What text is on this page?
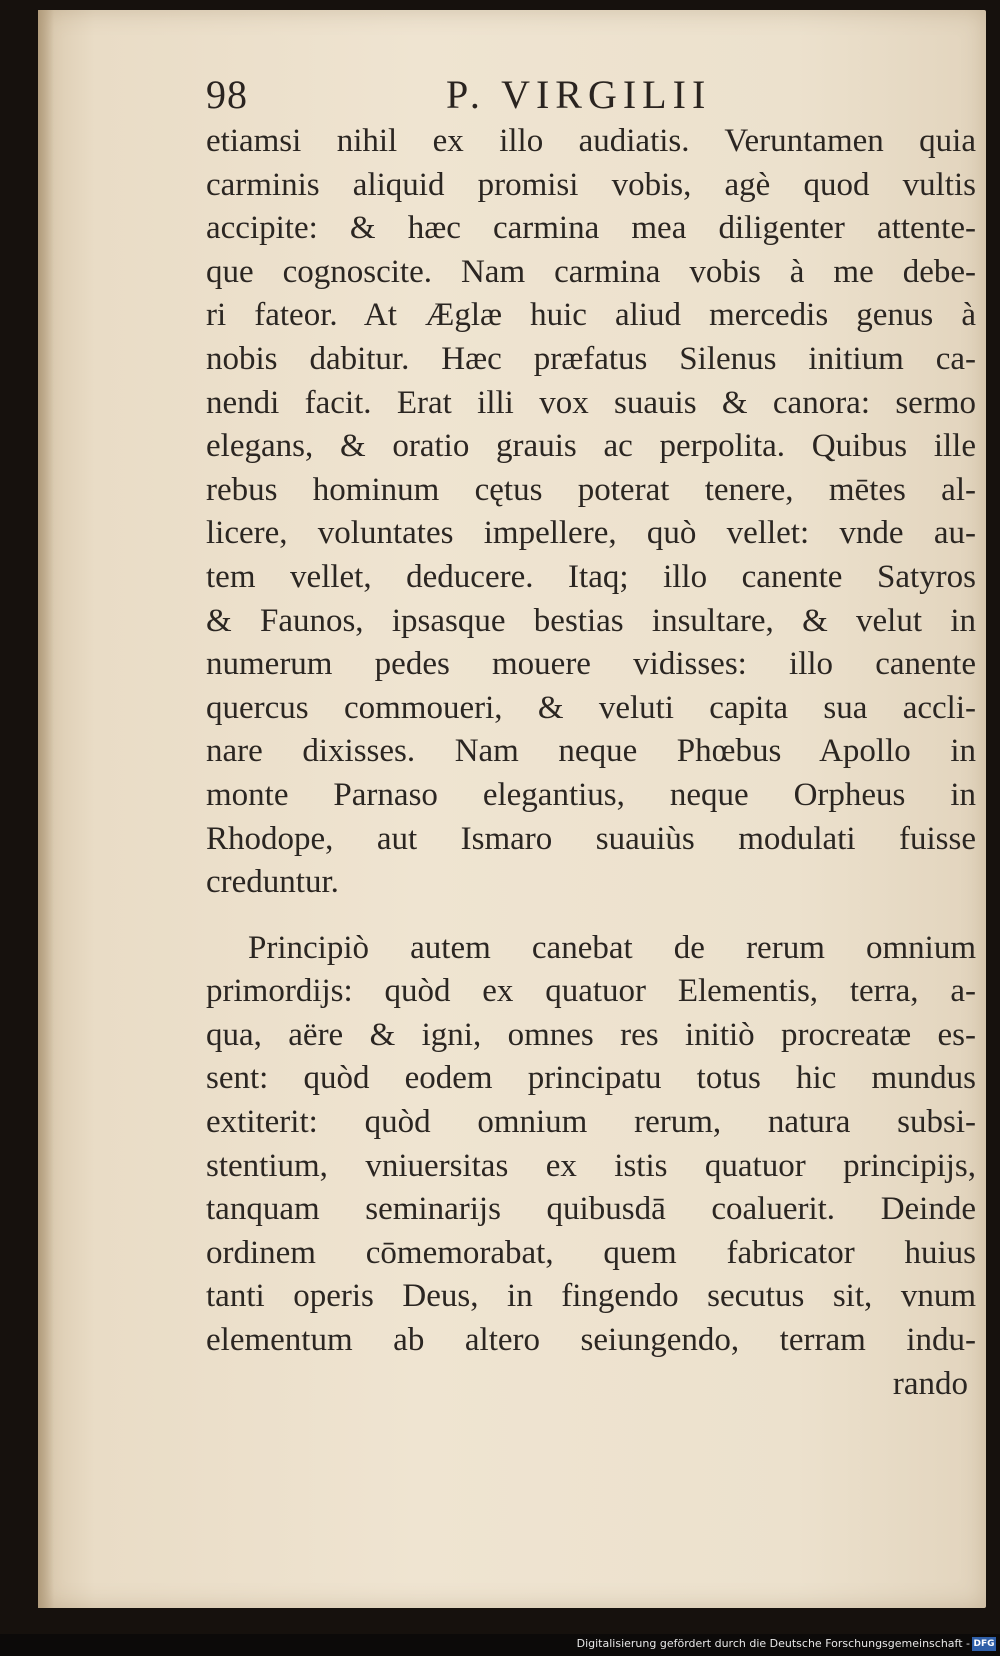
98	P. VIRGILII
etiamsi nihil ex illo audiatis. Veruntamen quia
carminis aliquid promisi vobis, agè quod vultis
accipite: & hæc carmina mea diligenter attente-
que cognoscite. Nam carmina vobis à me debe-
ri fateor. At Æglæ huic aliud mercedis genus à
nobis dabitur. Hæc præfatus Silenus initium ca-
nendi facit. Erat illi vox suauis & canora: sermo
elegans, & oratio grauis ac perpolita. Quibus ille
rebus hominum cętus poterat tenere, mētes al-
licere, voluntates impellere, quò vellet: vnde au-
tem vellet, deducere. Itaq; illo canente Satyros
& Faunos, ipsasque bestias insultare, & velut in
numerum pedes mouere vidisses: illo canente
quercus commoueri, & veluti capita sua accli-
nare dixisses. Nam neque Phœbus Apollo in
monte Parnaso elegantius, neque Orpheus in
Rhodope, aut Ismaro suauiùs modulati fuisse
creduntur.
Principiò autem canebat de rerum omnium
primordijs: quòd ex quatuor Elementis, terra, a-
qua, aëre & igni, omnes res initiò procreatæ es-
sent: quòd eodem principatu totus hic mundus
extiterit: quòd omnium rerum, natura subsi-
stentium, vniuersitas ex istis quatuor principijs,
tanquam seminarijs quibusdā coaluerit. Deinde
ordinem cōmemorabat, quem fabricator huius
tanti operis Deus, in fingendo secutus sit, vnum
elementum ab altero seiungendo, terram indu-
rando
Digitalisierung gefördert durch die Deutsche Forschungsgemeinschaft - DFG
